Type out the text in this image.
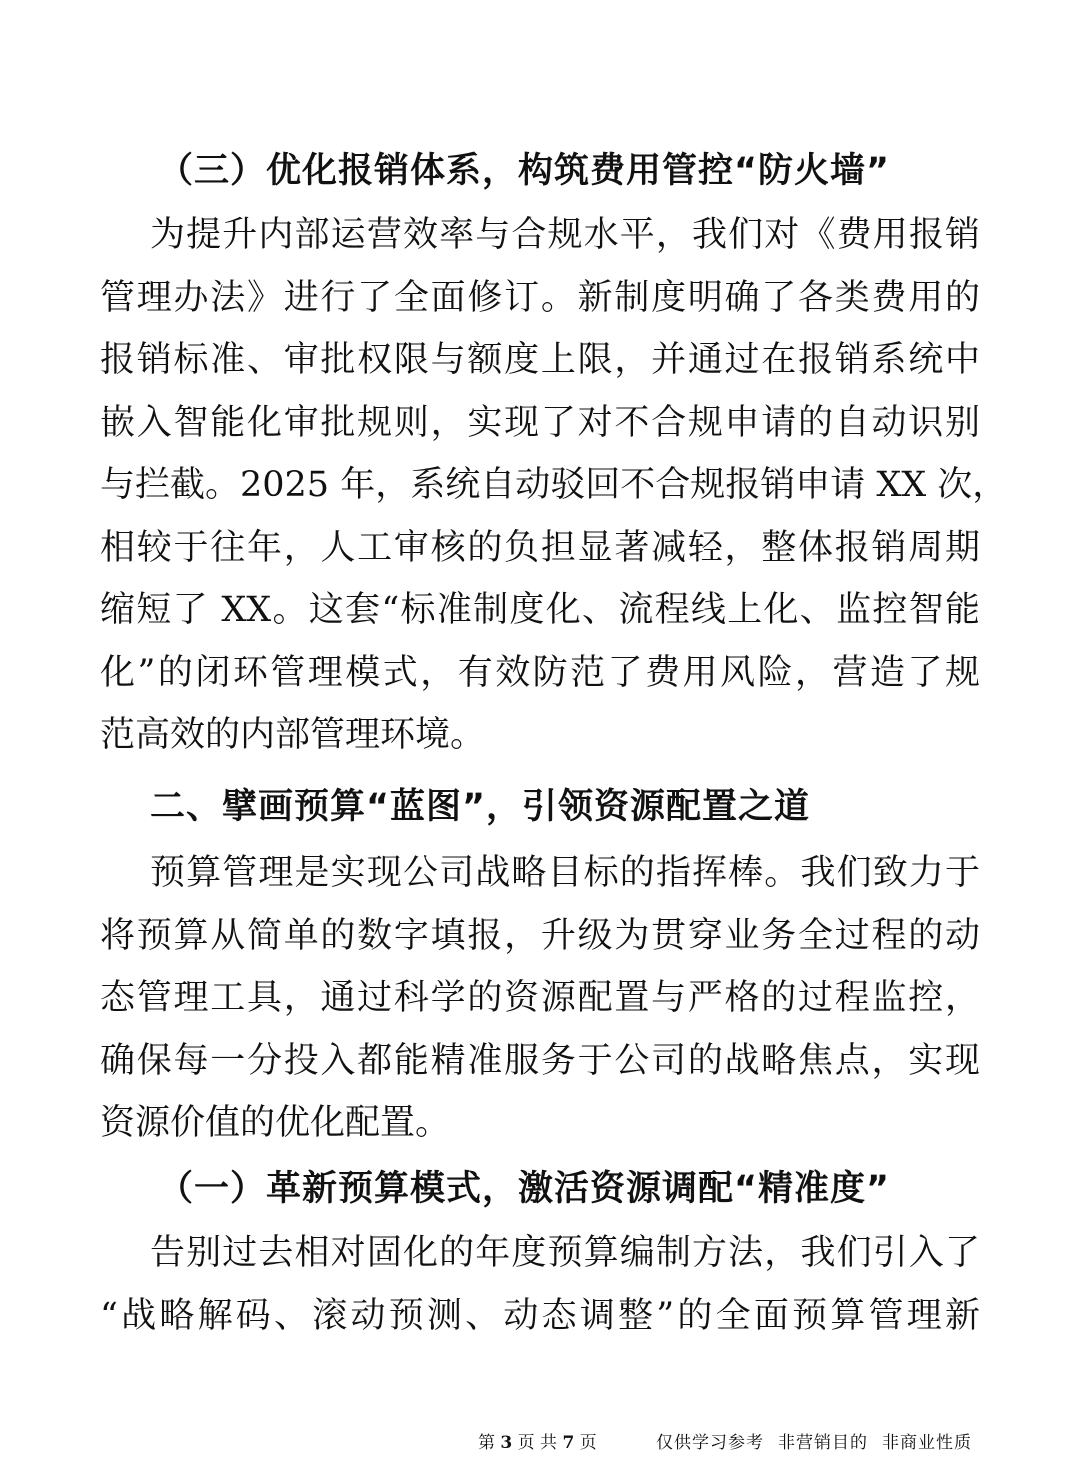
（三）优化报销体系，构筑费用管控“防火墙”
为提升内部运营效率与合规水平，我们对《费用报销
管理办法》进行了全面修订。新制度明确了各类费用的
报销标准、审批权限与额度上限，并通过在报销系统中
嵌入智能化审批规则，实现了对不合规申请的自动识别
与拦截。2025 年，系统自动驳回不合规报销申请 XX 次，
相较于往年，人工审核的负担显著减轻，整体报销周期
缩短了 XX。这套“标准制度化、流程线上化、监控智能
化”的闭环管理模式，有效防范了费用风险，营造了规
范高效的内部管理环境。
二、擘画预算“蓝图”，引领资源配置之道
预算管理是实现公司战略目标的指挥棒。我们致力于
将预算从简单的数字填报，升级为贯穿业务全过程的动
态管理工具，通过科学的资源配置与严格的过程监控，
确保每一分投入都能精准服务于公司的战略焦点，实现
资源价值的优化配置。
（一）革新预算模式，激活资源调配“精准度”
告别过去相对固化的年度预算编制方法，我们引入了
“战略解码、滚动预测、动态调整”的全面预算管理新
第 3 页 共 7 页	仅供学习参考 非营销目的 非商业性质
